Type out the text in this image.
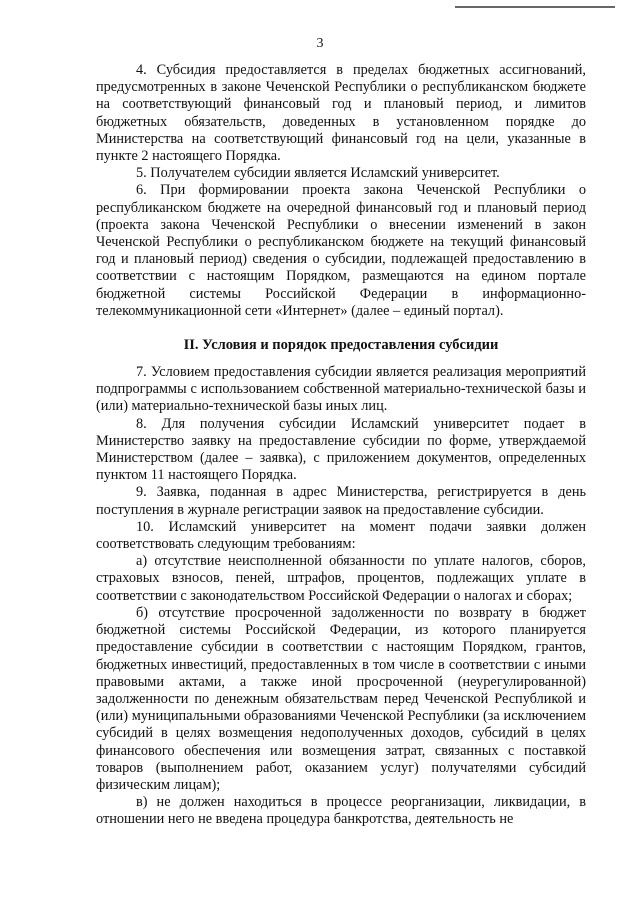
3

4. Субсидия предоставляется в пределах бюджетных ассигнований, предусмотренных в законе Чеченской Республики о республиканском бюджете на соответствующий финансовый год и плановый период, и лимитов бюджетных обязательств, доведенных в установленном порядке до Министерства на соответствующий финансовый год на цели, указанные в пункте 2 настоящего Порядка.

5. Получателем субсидии является Исламский университет.

6. При формировании проекта закона Чеченской Республики о республиканском бюджете на очередной финансовый год и плановый период (проекта закона Чеченской Республики о внесении изменений в закон Чеченской Республики о республиканском бюджете на текущий финансовый год и плановый период) сведения о субсидии, подлежащей предоставлению в соответствии с настоящим Порядком, размещаются на едином портале бюджетной системы Российской Федерации в информационно-телекоммуникационной сети «Интернет» (далее – единый портал).

II. Условия и порядок предоставления субсидии

7. Условием предоставления субсидии является реализация мероприятий подпрограммы с использованием собственной материально-технической базы и (или) материально-технической базы иных лиц.

8. Для получения субсидии Исламский университет подает в Министерство заявку на предоставление субсидии по форме, утверждаемой Министерством (далее – заявка), с приложением документов, определенных пунктом 11 настоящего Порядка.

9. Заявка, поданная в адрес Министерства, регистрируется в день поступления в журнале регистрации заявок на предоставление субсидии.

10. Исламский университет на момент подачи заявки должен соответствовать следующим требованиям:

а) отсутствие неисполненной обязанности по уплате налогов, сборов, страховых взносов, пеней, штрафов, процентов, подлежащих уплате в соответствии с законодательством Российской Федерации о налогах и сборах;

б) отсутствие просроченной задолженности по возврату в бюджет бюджетной системы Российской Федерации, из которого планируется предоставление субсидии в соответствии с настоящим Порядком, грантов, бюджетных инвестиций, предоставленных в том числе в соответствии с иными правовыми актами, а также иной просроченной (неурегулированной) задолженности по денежным обязательствам перед Чеченской Республикой и (или) муниципальными образованиями Чеченской Республики (за исключением субсидий в целях возмещения недополученных доходов, субсидий в целях финансового обеспечения или возмещения затрат, связанных с поставкой товаров (выполнением работ, оказанием услуг) получателями субсидий физическим лицам);

в) не должен находиться в процессе реорганизации, ликвидации, в отношении него не введена процедура банкротства, деятельность не
